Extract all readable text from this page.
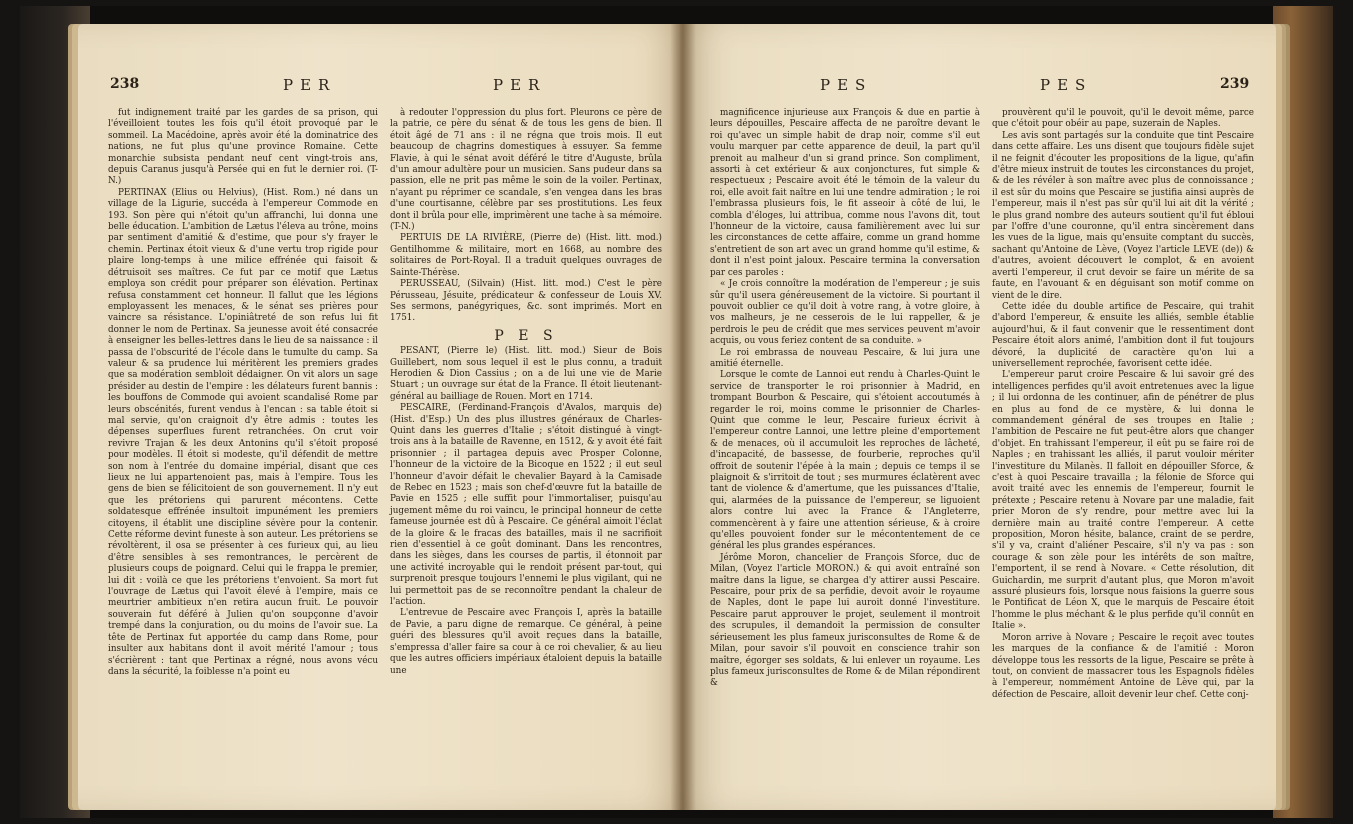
238	PER	PER

fut indignement traité par les gardes de sa prison, qui l'éveilloient toutes les fois qu'il étoit provoqué par le sommeil. La Macédoine, après avoir été la dominatrice des nations, ne fut plus qu'une province Romaine. Cette monarchie subsista pendant neuf cent vingt-trois ans, depuis Caranus jusqu'à Persée qui en fut le dernier roi. (T-N.)

PERTINAX (Elius ou Helvius), (Hist. Rom.) né dans un village de la Ligurie, succéda à l'empereur Commode en 193. Son père qui n'étoit qu'un affranchi, lui donna une belle éducation. L'ambition de Lætus l'éleva au trône, moins par sentiment d'amitié & d'estime, que pour s'y frayer le chemin. Pertinax étoit vieux & d'une vertu trop rigide pour plaire long-temps à une milice effrénée qui faisoit & détruisoit ses maîtres. Ce fut par ce motif que Lætus employa son crédit pour préparer son élévation. Pertinax refusa constamment cet honneur. Il fallut que les légions employassent les menaces, & le sénat ses prières pour vaincre sa résistance. L'opiniâtreté de son refus lui fit donner le nom de Pertinax. Sa jeunesse avoit été consacrée à enseigner les belles-lettres dans le lieu de sa naissance : il passa de l'obscurité de l'école dans le tumulte du camp. Sa valeur & sa prudence lui méritèrent les premiers grades que sa modération sembloit dédaigner. On vit alors un sage présider au destin de l'empire : les délateurs furent bannis : les bouffons de Commode qui avoient scandalisé Rome par leurs obscénités, furent vendus à l'encan : sa table étoit si mal servie, qu'on craignoit d'y être admis : toutes les dépenses superflues furent retranchées. On crut voir revivre Trajan & les deux Antonins qu'il s'étoit proposé pour modèles. Il étoit si modeste, qu'il défendit de mettre son nom à l'entrée du domaine impérial, disant que ces lieux ne lui appartenoient pas, mais à l'empire. Tous les gens de bien se félicitoient de son gouvernement. Il n'y eut que les prétoriens qui parurent mécontens. Cette soldatesque effrénée insultoit impunément les premiers citoyens, il établit une discipline sévère pour la contenir. Cette réforme devint funeste à son auteur. Les prétoriens se révoltèrent, il osa se présenter à ces furieux qui, au lieu d'être sensibles à ses remontrances, le percèrent de plusieurs coups de poignard. Celui qui le frappa le premier, lui dit : voilà ce que les prétoriens t'envoient. Sa mort fut l'ouvrage de Lætus qui l'avoit élevé à l'empire, mais ce meurtrier ambitieux n'en retira aucun fruit. Le pouvoir souverain fut déféré à Julien qu'on soupçonne d'avoir trempé dans la conjuration, ou du moins de l'avoir sue. La tête de Pertinax fut apportée du camp dans Rome, pour insulter aux habitans dont il avoit mérité l'amour ; tous s'écrièrent : tant que Pertinax a régné, nous avons vécu dans la sécurité, la foiblesse n'a point eu

à redouter l'oppression du plus fort. Pleurons ce père de la patrie, ce père du sénat & de tous les gens de bien. Il étoit âgé de 71 ans : il ne régna que trois mois. Il eut beaucoup de chagrins domestiques à essuyer. Sa femme Flavie, à qui le sénat avoit déféré le titre d'Auguste, brûla d'un amour adultère pour un musicien. Sans pudeur dans sa passion, elle ne prit pas même le soin de la voiler. Pertinax, n'ayant pu réprimer ce scandale, s'en vengea dans les bras d'une courtisanne, célèbre par ses prostitutions. Les feux dont il brûla pour elle, imprimèrent une tache à sa mémoire. (T-N.)

PERTUIS DE LA RIVIÈRE, (Pierre de) (Hist. litt. mod.) Gentilhomme & militaire, mort en 1668, au nombre des solitaires de Port-Royal. Il a traduit quelques ouvrages de Sainte-Thérèse.

PERUSSEAU, (Silvain) (Hist. litt. mod.) C'est le père Pérusseau, Jésuite, prédicateur & confesseur de Louis XV. Ses sermons, panégyriques, &c. sont imprimés. Mort en 1751.

P E S

PESANT, (Pierre le) (Hist. litt. mod.) Sieur de Bois Guillebert, nom sous lequel il est le plus connu, a traduit Herodien & Dion Cassius ; on a de lui une vie de Marie Stuart ; un ouvrage sur état de la France. Il étoit lieutenant-général au bailliage de Rouen. Mort en 1714.

PESCAIRE, (Ferdinand-François d'Avalos, marquis de) (Hist. d'Esp.) Un des plus illustres généraux de Charles-Quint dans les guerres d'Italie ; s'étoit distingué à vingt-trois ans à la bataille de Ravenne, en 1512, & y avoit été fait prisonnier ; il partagea depuis avec Prosper Colonne, l'honneur de la victoire de la Bicoque en 1522 ; il eut seul l'honneur d'avoir défait le chevalier Bayard à la Camisade de Rebec en 1523 ; mais son chef-d'œuvre fut la bataille de Pavie en 1525 ; elle suffit pour l'immortaliser, puisqu'au jugement même du roi vaincu, le principal honneur de cette fameuse journée est dû à Pescaire. Ce général aimoit l'éclat de la gloire & le fracas des batailles, mais il ne sacrifioit rien d'essentiel à ce goût dominant. Dans les rencontres, dans les sièges, dans les courses de partis, il étonnoit par une activité incroyable qui le rendoit présent par-tout, qui surprenoit presque toujours l'ennemi le plus vigilant, qui ne lui permettoit pas de se reconnoître pendant la chaleur de l'action.

L'entrevue de Pescaire avec François I, après la bataille de Pavie, a paru digne de remarque. Ce général, à peine guéri des blessures qu'il avoit reçues dans la bataille, s'empressa d'aller faire sa cour à ce roi chevalier, & au lieu que les autres officiers impériaux étaloient depuis la bataille une

PES	PES	239

magnificence injurieuse aux François & due en partie à leurs dépouilles, Pescaire affecta de ne paroître devant le roi qu'avec un simple habit de drap noir, comme s'il eut voulu marquer par cette apparence de deuil, la part qu'il prenoit au malheur d'un si grand prince. Son compliment, assorti à cet extérieur & aux conjonctures, fut simple & respectueux ; Pescaire avoit été le témoin de la valeur du roi, elle avoit fait naître en lui une tendre admiration ; le roi l'embrassa plusieurs fois, le fit asseoir à côté de lui, le combla d'éloges, lui attribua, comme nous l'avons dit, tout l'honneur de la victoire, causa familièrement avec lui sur les circonstances de cette affaire, comme un grand homme s'entretient de son art avec un grand homme qu'il estime, & dont il n'est point jaloux. Pescaire termina la conversation par ces paroles :

« Je crois connoître la modération de l'empereur ; je suis sûr qu'il usera généreusement de la victoire. Si pourtant il pouvoit oublier ce qu'il doit à votre rang, à votre gloire, à vos malheurs, je ne cesserois de le lui rappeller, & je perdrois le peu de crédit que mes services peuvent m'avoir acquis, ou vous feriez content de sa conduite. »

Le roi embrassa de nouveau Pescaire, & lui jura une amitié éternelle.

Lorsque le comte de Lannoi eut rendu à Charles-Quint le service de transporter le roi prisonnier à Madrid, en trompant Bourbon & Pescaire, qui s'étoient accoutumés à regarder le roi, moins comme le prisonnier de Charles-Quint que comme le leur, Pescaire furieux écrivit à l'empereur contre Lannoi, une lettre pleine d'emportement & de menaces, où il accumuloit les reproches de lâcheté, d'incapacité, de bassesse, de fourberie, reproches qu'il offroit de soutenir l'épée à la main ; depuis ce temps il se plaignoit & s'irritoit de tout ; ses murmures éclatèrent avec tant de violence & d'amertume, que les puissances d'Italie, qui, alarmées de la puissance de l'empereur, se liguoient alors contre lui avec la France & l'Angleterre, commencèrent à y faire une attention sérieuse, & à croire qu'elles pouvoient fonder sur le mécontentement de ce général les plus grandes espérances.

Jérôme Moron, chancelier de François Sforce, duc de Milan, (Voyez l'article MORON.) & qui avoit entraîné son maître dans la ligue, se chargea d'y attirer aussi Pescaire. Pescaire, pour prix de sa perfidie, devoit avoir le royaume de Naples, dont le pape lui auroit donné l'investiture. Pescaire parut approuver le projet, seulement il montroit des scrupules, il demandoit la permission de consulter sérieusement les plus fameux jurisconsultes de Rome & de Milan, pour savoir s'il pouvoit en conscience trahir son maître, égorger ses soldats, & lui enlever un royaume. Les plus fameux jurisconsultes de Rome & de Milan répondirent &

prouvèrent qu'il le pouvoit, qu'il le devoit même, parce que c'étoit pour obéir au pape, suzerain de Naples.

Les avis sont partagés sur la conduite que tint Pescaire dans cette affaire. Les uns disent que toujours fidèle sujet il ne feignit d'écouter les propositions de la ligue, qu'afin d'être mieux instruit de toutes les circonstances du projet, & de les révéler à son maître avec plus de connoissance ; il est sûr du moins que Pescaire se justifia ainsi auprès de l'empereur, mais il n'est pas sûr qu'il lui ait dit la vérité ; le plus grand nombre des auteurs soutient qu'il fut ébloui par l'offre d'une couronne, qu'il entra sincèrement dans les vues de la ligue, mais qu'ensuite comptant du succès, sachant qu'Antoine de Lève, (Voyez l'article LEVE (de)) & d'autres, avoient découvert le complot, & en avoient averti l'empereur, il crut devoir se faire un mérite de sa faute, en l'avouant & en déguisant son motif comme on vient de le dire.

Cette idée du double artifice de Pescaire, qui trahit d'abord l'empereur, & ensuite les alliés, semble établie aujourd'hui, & il faut convenir que le ressentiment dont Pescaire étoit alors animé, l'ambition dont il fut toujours dévoré, la duplicité de caractère qu'on lui a universellement reprochée, favorisent cette idée.

L'empereur parut croire Pescaire & lui savoir gré des intelligences perfides qu'il avoit entretenues avec la ligue ; il lui ordonna de les continuer, afin de pénétrer de plus en plus au fond de ce mystère, & lui donna le commandement général de ses troupes en Italie ; l'ambition de Pescaire ne fut peut-être alors que changer d'objet. En trahissant l'empereur, il eût pu se faire roi de Naples ; en trahissant les alliés, il parut vouloir mériter l'investiture du Milanès. Il falloit en dépouiller Sforce, & c'est à quoi Pescaire travailla ; la félonie de Sforce qui avoit traité avec les ennemis de l'empereur, fournit le prétexte ; Pescaire retenu à Novare par une maladie, fait prier Moron de s'y rendre, pour mettre avec lui la dernière main au traité contre l'empereur. A cette proposition, Moron hésite, balance, craint de se perdre, s'il y va, craint d'aliéner Pescaire, s'il n'y va pas : son courage & son zèle pour les intérêts de son maître, l'emportent, il se rend à Novare. « Cette résolution, dit Guichardin, me surprit d'autant plus, que Moron m'avoit assuré plusieurs fois, lorsque nous faisions la guerre sous le Pontificat de Léon X, que le marquis de Pescaire étoit l'homme le plus méchant & le plus perfide qu'il connût en Italie ».

Moron arrive à Novare ; Pescaire le reçoit avec toutes les marques de la confiance & de l'amitié : Moron développe tous les ressorts de la ligue, Pescaire se prête à tout, on convient de massacrer tous les Espagnols fidèles à l'empereur, nommément Antoine de Lève qui, par la défection de Pescaire, alloit devenir leur chef. Cette conj-
